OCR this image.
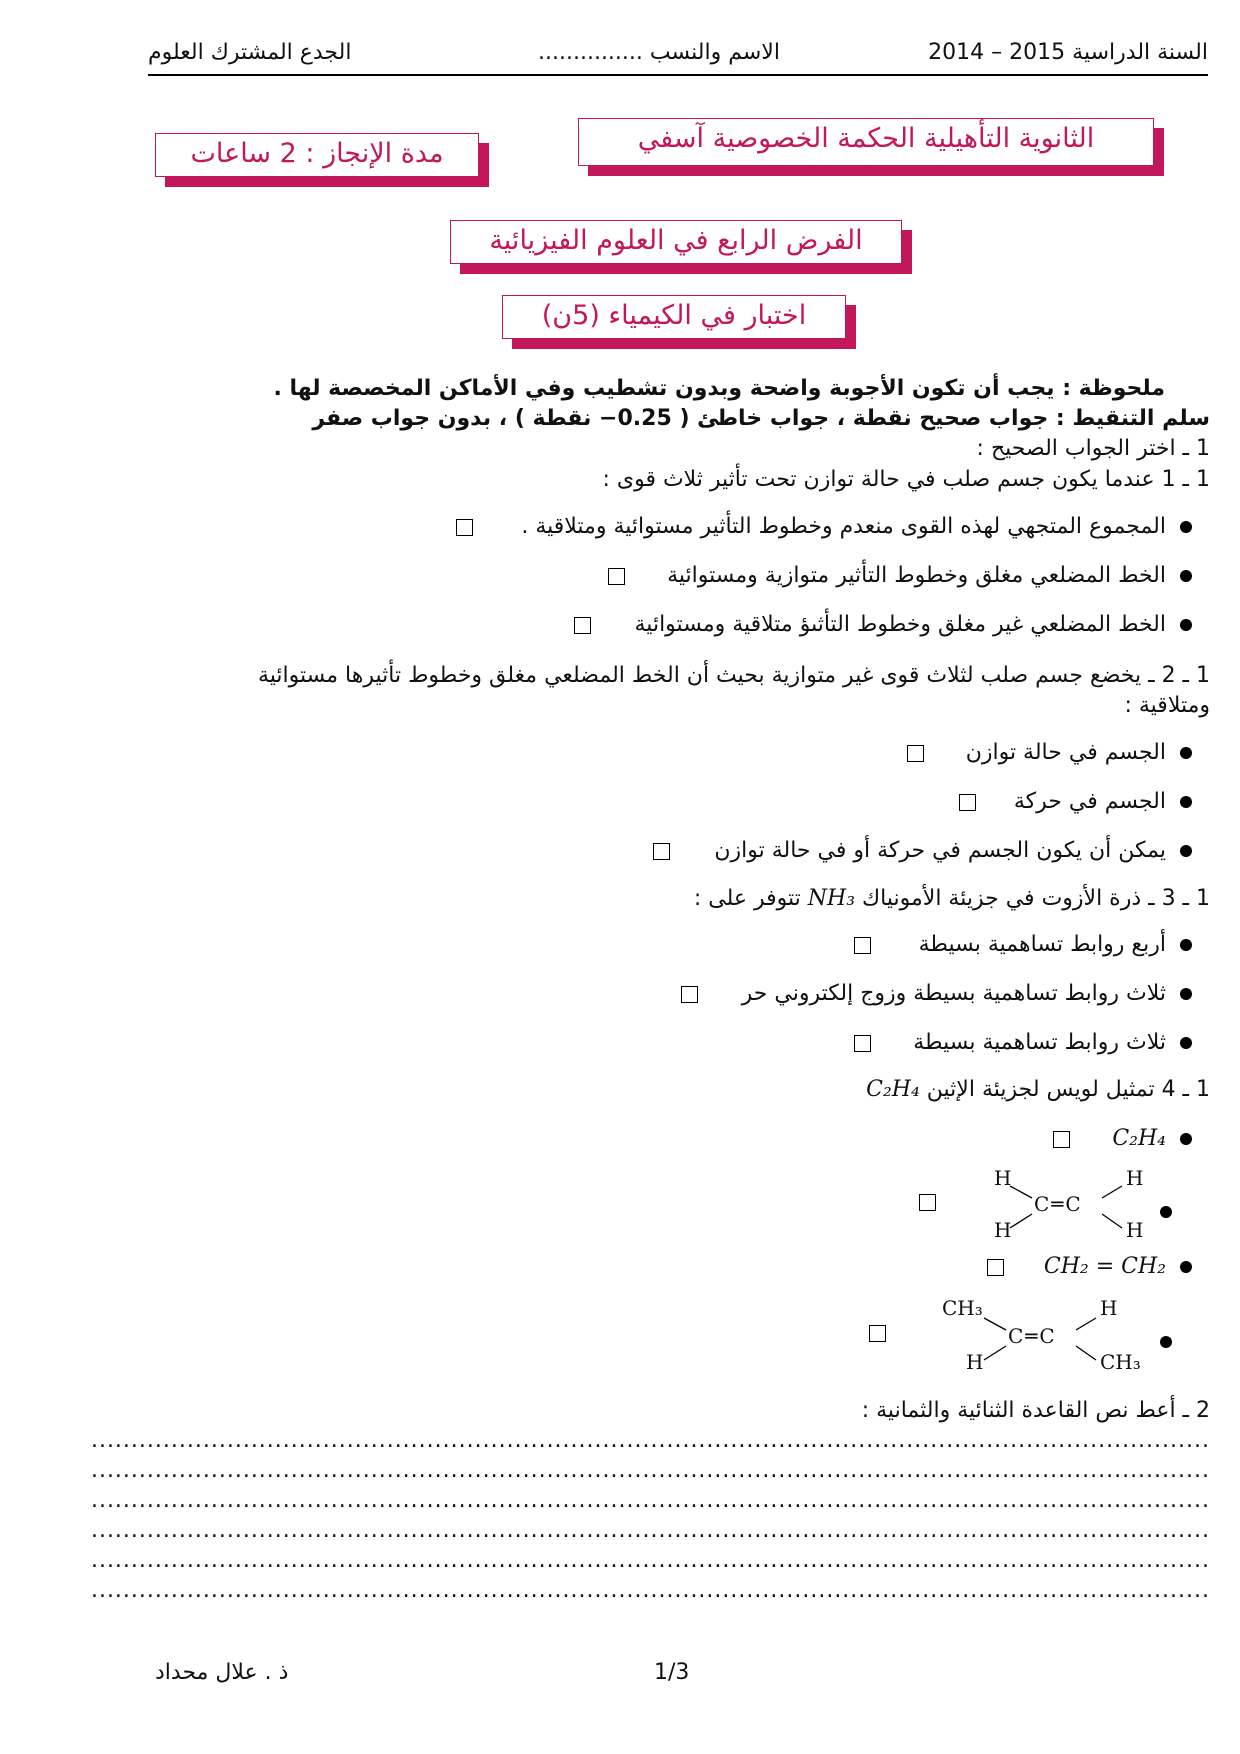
السنة الدراسية 2015 – 2014
الاسم والنسب ...............
الجدع المشترك العلوم
الثانوية التأهيلية الحكمة الخصوصية آسفي
مدة الإنجاز : 2 ساعات
الفرض الرابع في العلوم الفيزيائية
اختبار في الكيمياء (5ن)
ملحوظة : يجب أن تكون الأجوبة واضحة وبدون تشطيب وفي الأماكن المخصصة لها .
سلم التنقيط : جواب صحيح نقطة ، جواب خاطئ ( 0.25− نقطة ) ، بدون جواب صفر
1 ـ اختر الجواب الصحيح :
1 ـ 1 عندما يكون جسم صلب في حالة توازن تحت تأثير ثلاث قوى :
المجموع المتجهي لهذه القوى منعدم وخطوط التأثير مستوائية ومتلاقية .
الخط المضلعي مغلق وخطوط التأثير متوازية ومستوائية
الخط المضلعي غير مغلق وخطوط التأثىؤ متلاقية ومستوائية
1 ـ 2 ـ يخضع جسم صلب لثلاث قوى غير متوازية بحيث أن الخط المضلعي مغلق وخطوط تأثيرها مستوائية
ومتلاقية :
الجسم في حالة توازن
الجسم في حركة
يمكن أن يكون الجسم في حركة أو في حالة توازن
1 ـ 3 ـ ذرة الأزوت في جزيئة الأمونياك NH₃ تتوفر على :
أربع روابط تساهمية بسيطة
ثلاث روابط تساهمية بسيطة وزوج إلكتروني حر
ثلاث روابط تساهمية بسيطة
1 ـ 4 تمثيل لويس لجزيئة الإثين C₂H₄
C₂H₄
H	H
H	H
C═C
CH₂ = CH₂
CH₃	H
H	CH₃
C═C
2 ـ أعط نص القاعدة الثنائية والثمانية :
............................................................................................................................................
............................................................................................................................................
............................................................................................................................................
............................................................................................................................................
............................................................................................................................................
............................................................................................................................................
ذ . علال محداد	1/3
